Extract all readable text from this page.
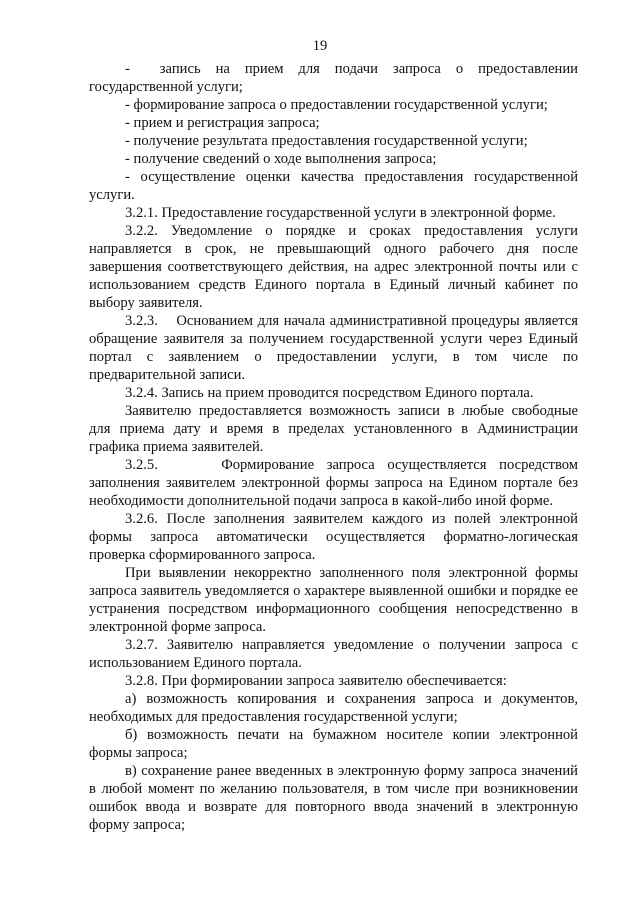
19

-  запись на прием для подачи запроса о предоставлении государственной услуги;

- формирование запроса о предоставлении государственной услуги;

- прием и регистрация запроса;

- получение результата предоставления государственной услуги;

- получение сведений о ходе выполнения запроса;

- осуществление оценки качества предоставления государственной услуги.

3.2.1. Предоставление государственной услуги в электронной форме.

3.2.2. Уведомление о порядке и сроках предоставления услуги направляется в срок, не превышающий одного рабочего дня после завершения соответствующего действия, на адрес электронной почты или с использованием средств Единого портала в Единый личный кабинет по выбору заявителя.

3.2.3.    Основанием для начала административной процедуры является обращение заявителя за получением государственной услуги через Единый портал с заявлением о предоставлении услуги, в том числе по предварительной записи.

3.2.4. Запись на прием проводится посредством Единого портала.

Заявителю предоставляется возможность записи в любые свободные для приема дату и время в пределах установленного в Администрации графика приема заявителей.

3.2.5.     Формирование запроса осуществляется посредством заполнения заявителем электронной формы запроса на Едином портале без необходимости дополнительной подачи запроса в какой-либо иной форме.

3.2.6. После заполнения заявителем каждого из полей электронной формы запроса автоматически осуществляется форматно-логическая проверка сформированного запроса.

При выявлении некорректно заполненного поля электронной формы запроса заявитель уведомляется о характере выявленной ошибки и порядке ее устранения посредством информационного сообщения непосредственно в электронной форме запроса.

3.2.7. Заявителю направляется уведомление о получении запроса с использованием Единого портала.

3.2.8. При формировании запроса заявителю обеспечивается:

а) возможность копирования и сохранения запроса и документов, необходимых для предоставления государственной услуги;

б) возможность печати на бумажном носителе копии электронной формы запроса;

в) сохранение ранее введенных в электронную форму запроса значений в любой момент по желанию пользователя, в том числе при возникновении ошибок ввода и возврате для повторного ввода значений в электронную форму запроса;
